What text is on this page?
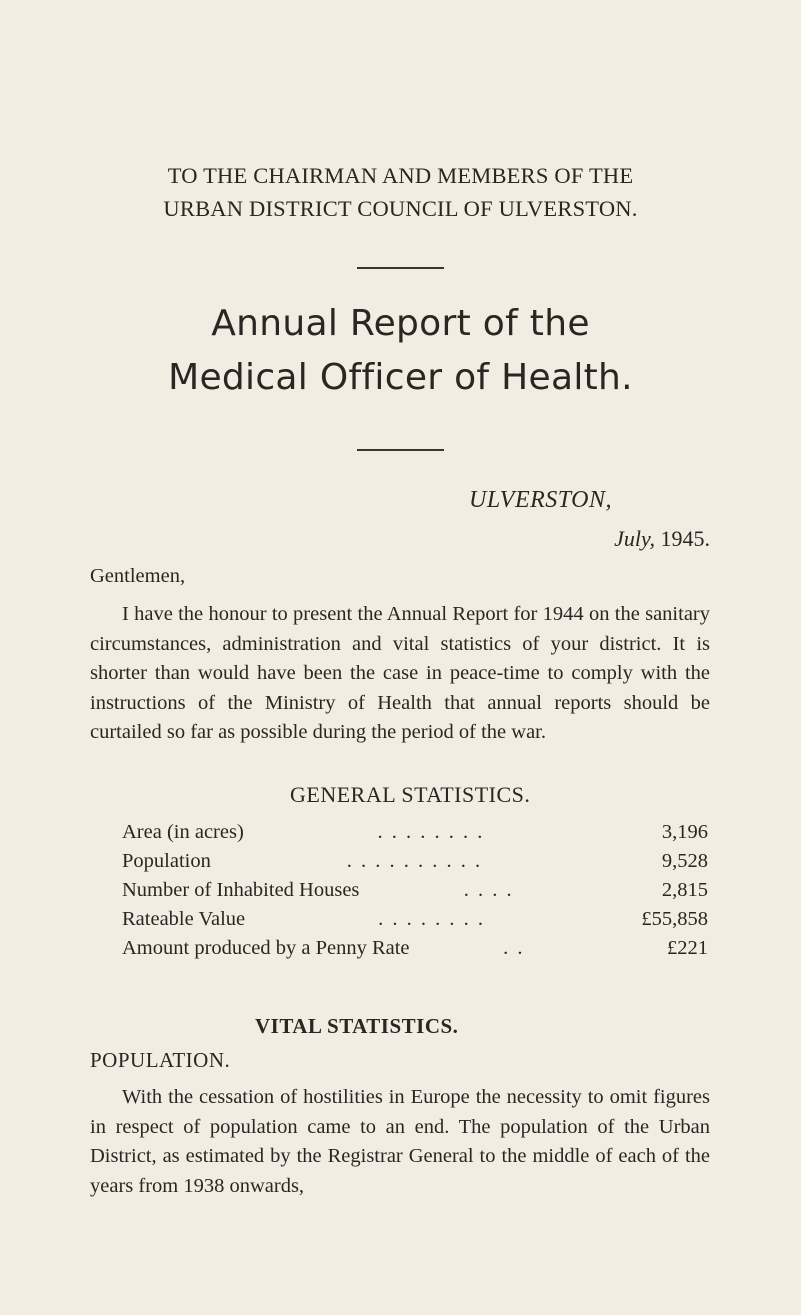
TO THE CHAIRMAN AND MEMBERS OF THE
URBAN DISTRICT COUNCIL OF ULVERSTON.
Annual Report of the
Medical Officer of Health.
ULVERSTON,
July, 1945.
Gentlemen,

I have the honour to present the Annual Report for 1944 on the sanitary circumstances, administration and vital statistics of your district. It is shorter than would have been the case in peace-time to comply with the instructions of the Ministry of Health that annual reports should be curtailed so far as possible during the period of the war.

GENERAL STATISTICS.
Area (in acres)	. . . . . . . .	3,196
Population	. . . . . . . . . .	9,528
Number of Inhabited Houses	. . . .	2,815
Rateable Value	. . . . . . . .	£55,858
Amount produced by a Penny Rate	. .	£221
VITAL STATISTICS.
POPULATION.

With the cessation of hostilities in Europe the necessity to omit figures in respect of population came to an end. The population of the Urban District, as estimated by the Registrar General to the middle of each of the years from 1938 onwards,
